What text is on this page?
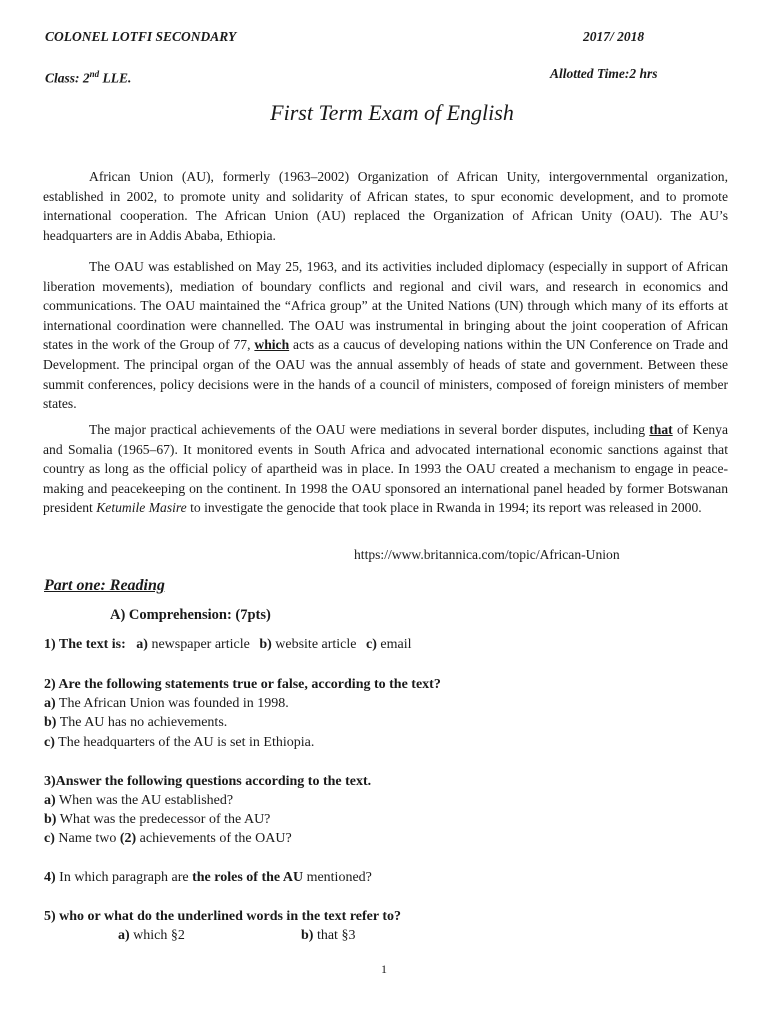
COLONEL LOTFI SECONDARY	2017/ 2018
Class: 2nd LLE.	Allotted Time:2 hrs
First Term Exam of English
African Union (AU), formerly (1963–2002) Organization of African Unity, intergovernmental organization, established in 2002, to promote unity and solidarity of African states, to spur economic development, and to promote international cooperation. The African Union (AU) replaced the Organization of African Unity (OAU). The AU’s headquarters are in Addis Ababa, Ethiopia.
The OAU was established on May 25, 1963, and its activities included diplomacy (especially in support of African liberation movements), mediation of boundary conflicts and regional and civil wars, and research in economics and communications. The OAU maintained the “Africa group” at the United Nations (UN) through which many of its efforts at international coordination were channelled. The OAU was instrumental in bringing about the joint cooperation of African states in the work of the Group of 77, which acts as a caucus of developing nations within the UN Conference on Trade and Development. The principal organ of the OAU was the annual assembly of heads of state and government. Between these summit conferences, policy decisions were in the hands of a council of ministers, composed of foreign ministers of member states.
The major practical achievements of the OAU were mediations in several border disputes, including that of Kenya and Somalia (1965–67). It monitored events in South Africa and advocated international economic sanctions against that country as long as the official policy of apartheid was in place. In 1993 the OAU created a mechanism to engage in peace-making and peacekeeping on the continent. In 1998 the OAU sponsored an international panel headed by former Botswanan president Ketumile Masire to investigate the genocide that took place in Rwanda in 1994; its report was released in 2000.
https://www.britannica.com/topic/African-Union
Part one: Reading
A) Comprehension: (7pts)
1) The text is: a) newspaper article b) website article c) email
2) Are the following statements true or false, according to the text?
a) The African Union was founded in 1998.
b) The AU has no achievements.
c) The headquarters of the AU is set in Ethiopia.
3)Answer the following questions according to the text.
a) When was the AU established?
b) What was the predecessor of the AU?
c) Name two (2) achievements of the OAU?
4) In which paragraph are the roles of the AU mentioned?
5) who or what do the underlined words in the text refer to?
a) which §2	b) that §3
1
